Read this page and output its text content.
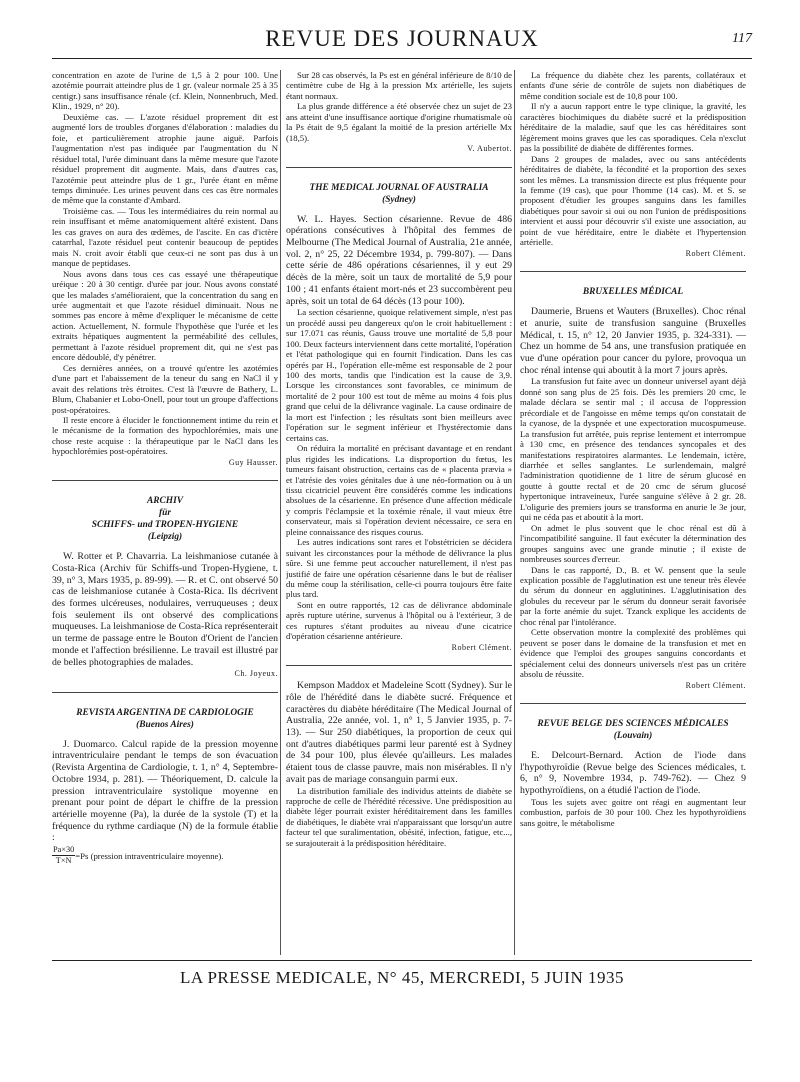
REVUE DES JOURNAUX	117

concentration en azote de l'urine de 1,5 à 2 pour 100. Une azotémie pourrait atteindre plus de 1 gr. (valeur normale 25 à 35 centigr.) sans insuffisance rénale (cf. Klein, Nonnenbruch, Med. Klin., 1929, n° 20).

Deuxième cas. — L'azote résiduel proprement dit est augmenté lors de troubles d'organes d'élaboration : maladies du foie, et particulièrement atrophie jaune aiguë. Parfois l'augmentation n'est pas indiquée par l'augmentation du N résiduel total, l'urée diminuant dans la même mesure que l'azote résiduel proprement dit augmente. Mais, dans d'autres cas, l'azotémie peut atteindre plus de 1 gr., l'urée étant en même temps diminuée. Les urines peuvent dans ces cas être normales de même que la constante d'Ambard.

Troisième cas. — Tous les intermédiaires du rein normal au rein insuffisant et même anatomiquement altéré existent. Dans les cas graves on aura des œdèmes, de l'ascite. En cas d'ictère catarrhal, l'azote résiduel peut contenir beaucoup de peptides mais N. croit avoir établi que ceux-ci ne sont pas dus à un manque de peptidases.

Nous avons dans tous ces cas essayé une thérapeutique uréique : 20 à 30 centigr. d'urée par jour. Nous avons constaté que les malades s'amélioraient, que la concentration du sang en urée augmentait et que l'azote résiduel diminuait. Nous ne sommes pas encore à même d'expliquer le mécanisme de cette action. Actuellement, N. formule l'hypothèse que l'urée et les extraits hépatiques augmentent la perméabilité des cellules, permettant à l'azote résiduel proprement dit, qui ne s'est pas encore dédoublé, d'y pénétrer.

Ces dernières années, on a trouvé qu'entre les azotémies d'une part et l'abaissement de la teneur du sang en NaCl il y avait des relations très étroites. C'est là l'œuvre de Bathery, L. Blum, Chabanier et Lobo-Onell, pour tout un groupe d'affections post-opératoires.

Il reste encore à élucider le fonctionnement intime du rein et le mécanisme de la formation des hypochlorémies, mais une chose reste acquise : la thérapeutique par le NaCl dans les hypochlorémies post-opératoires.

Guy Hausser.
ARCHIV
für
SCHIFFS- und TROPEN-HYGIENE
(Leipzig)

W. Rotter et P. Chavarria. La leishmaniose cutanée à Costa-Rica (Archiv für Schiffs-und Tropen-Hygiene, t. 39, n° 3, Mars 1935, p. 89-99). — R. et C. ont observé 50 cas de leishmaniose cutanée à Costa-Rica. Ils décrivent des formes ulcéreuses, nodulaires, verruqueuses ; deux fois seulement ils ont observé des complications muqueuses. La leishmaniose de Costa-Rica représenterait un terme de passage entre le Bouton d'Orient de l'ancien monde et l'affection brésilienne. Le travail est illustré par de belles photographies de malades.

Ch. Joyeux.
REVISTA ARGENTINA DE CARDIOLOGIE
(Buenos Aires)

J. Duomarco. Calcul rapide de la pression moyenne intraventriculaire pendant le temps de son évacuation (Revista Argentina de Cardiologie, t. 1, n° 4, Septembre-Octobre 1934, p. 281). — Théoriquement, D. calcule la pression intraventriculaire systolique moyenne en prenant pour point de départ le chiffre de la pression artérielle moyenne (Pa), la durée de la systole (T) et la fréquence du rythme cardiaque (N) de la formule établie :

$\frac{Pa\times 30}{T\times N} =Ps$ (pression intraventriculaire moyenne).

Sur 28 cas observés, la Ps est en général inférieure de 8/10 de centimètre cube de Hg à la pression Mx artérielle, les sujets étant normaux.

La plus grande différence a été observée chez un sujet de 23 ans atteint d'une insuffisance aortique d'origine rhumatismale où la Ps était de 9,5 égalant la moitié de la presion artérielle Mx (18,5).

V. Aubertot.
THE MEDICAL JOURNAL OF AUSTRALIA
(Sydney)

W. L. Hayes. Section césarienne. Revue de 486 opérations consécutives à l'hôpital des femmes de Melbourne (The Medical Journal of Australia, 21e année, vol. 2, n° 25, 22 Décembre 1934, p. 799-807). — Dans cette série de 486 opérations césariennes, il y eut 29 décès de la mère, soit un taux de mortalité de 5,9 pour 100 ; 41 enfants étaient mort-nés et 23 succombèrent peu après, soit un total de 64 décès (13 pour 100).

La section césarienne, quoique relativement simple, n'est pas un procédé aussi peu dangereux qu'on le croit habituellement : sur 17.071 cas réunis, Gauss trouve une mortalité de 5,8 pour 100. Deux facteurs interviennent dans cette mortalité, l'opération et l'état pathologique qui en fournit l'indication. Dans les cas opérés par H., l'opération elle-même est responsable de 2 pour 100 des morts, tandis que l'indication est la cause de 3,9. Lorsque les circonstances sont favorables, ce minimum de mortalité de 2 pour 100 est tout de même au moins 4 fois plus grand que celui de la délivrance vaginale. La cause ordinaire de la mort est l'infection ; les résultats sont bien meilleurs avec l'opération sur le segment inférieur et l'hystérectomie dans certains cas.

On réduira la mortalité en précisant davantage et en rendant plus rigides les indications. La disproportion du fœtus, les tumeurs faisant obstruction, certains cas de « placenta prævia » et l'atrésie des voies génitales due à une néo-formation ou à un tissu cicatriciel peuvent être considérés comme les indications absolues de la césarienne. En présence d'une affection médicale y compris l'éclampsie et la toxémie rénale, il vaut mieux être conservateur, mais si l'opération devient nécessaire, ce sera en pleine connaissance des risques courus.

Les autres indications sont rares et l'obstétricien se décidera suivant les circonstances pour la méthode de délivrance la plus sûre. Si une femme peut accoucher naturellement, il n'est pas justifié de faire une opération césarienne dans le but de réaliser du même coup la stérilisation, celle-ci pourra toujours être faite plus tard.

Sont en outre rapportés, 12 cas de délivrance abdominale après rupture utérine, survenus à l'hôpital ou à l'extérieur, 3 de ces ruptures s'étant produites au niveau d'une cicatrice d'opération césarienne antérieure.

Robert Clément.

Kempson Maddox et Madeleine Scott (Sydney). Sur le rôle de l'hérédité dans le diabète sucré. Fréquence et caractères du diabète héréditaire (The Medical Journal of Australia, 22e année, vol. 1, n° 1, 5 Janvier 1935, p. 7-13). — Sur 250 diabétiques, la proportion de ceux qui ont d'autres diabétiques parmi leur parenté est à Sydney de 34 pour 100, plus élevée qu'ailleurs. Les malades étaient tous de classe pauvre, mais non misérables. Il n'y avait pas de mariage consanguin parmi eux.

La distribution familiale des individus atteints de diabète se rapproche de celle de l'hérédité récessive. Une prédisposition au diabète léger pourrait exister héréditairement dans les familles de diabétiques, le diabète vrai n'apparaissant que lorsqu'un autre facteur tel que suralimentation, obésité, infection, fatigue, etc..., se surajouterait à la prédisposition héréditaire.

La fréquence du diabète chez les parents, collatéraux et enfants d'une série de contrôle de sujets non diabétiques de même condition sociale est de 10,8 pour 100.

Il n'y a aucun rapport entre le type clinique, la gravité, les caractères biochimiques du diabète sucré et la prédisposition héréditaire de la maladie, sauf que les cas héréditaires sont légèrement moins graves que les cas sporadiques. Cela n'exclut pas la possibilité de diabète de différentes formes.

Dans 2 groupes de malades, avec ou sans antécédents héréditaires de diabète, la fécondité et la proportion des sexes sont les mêmes. La transmission directe est plus fréquente pour la femme (19 cas), que pour l'homme (14 cas). M. et S. se proposent d'étudier les groupes sanguins dans les familles diabétiques pour savoir si oui ou non l'union de prédispositions intervient et aussi pour découvrir s'il existe une association, au point de vue héréditaire, entre le diabète et l'hypertension artérielle.

Robert Clément.
BRUXELLES MÉDICAL

Daumerie, Bruens et Wauters (Bruxelles). Choc rénal et anurie, suite de transfusion sanguine (Bruxelles Médical, t. 15, n° 12, 20 Janvier 1935, p. 324-331). — Chez un homme de 54 ans, une transfusion pratiquée en vue d'une opération pour cancer du pylore, provoqua un choc rénal intense qui aboutit à la mort 7 jours après.

La transfusion fut faite avec un donneur universel ayant déjà donné son sang plus de 25 fois. Dès les premiers 20 cmc, le malade déclara se sentir mal ; il accusa de l'oppression précordiale et de l'angoisse en même temps qu'on constatait de la cyanose, de la dyspnée et une expectoration mucospumeuse. La transfusion fut arrêtée, puis reprise lentement et interrompue à 130 cmc, en présence des tendances syncopales et des manifestations respiratoires alarmantes. Le lendemain, ictère, diarrhée et selles sanglantes. Le surlendemain, malgré l'administration quotidienne de 1 litre de sérum glucosé en goutte à goutte rectal et de 20 cmc de sérum glucosé hypertonique intraveineux, l'urée sanguine s'élève à 2 gr. 28. L'oligurie des premiers jours se transforma en anurie le 3e jour, qui ne céda pas et aboutit à la mort.

On admet le plus souvent que le choc rénal est dû à l'incompatibilité sanguine. Il faut exécuter la détermination des groupes sanguins avec une grande minutie ; il existe de nombreuses sources d'erreur.

Dans le cas rapporté, D., B. et W. pensent que la seule explication possible de l'agglutination est une teneur très élevée du sérum du donneur en agglutinines. L'agglutinisation des globules du receveur par le sérum du donneur serait favorisée par la forte anémie du sujet. Tzanck explique les accidents de choc rénal par l'intolérance.

Cette observation montre la complexité des problèmes qui peuvent se poser dans le domaine de la transfusion et met en évidence que l'emploi des groupes sanguins concordants et spécialement celui des donneurs universels n'est pas un critère absolu de réussite.

Robert Clément.
REVUE BELGE DES SCIENCES MÉDICALES
(Louvain)

E. Delcourt-Bernard. Action de l'iode dans l'hypothyroïdie (Revue belge des Sciences médicales, t. 6, n° 9, Novembre 1934, p. 749-762). — Chez 9 hypothyroïdiens, on a étudié l'action de l'iode.

Tous les sujets avec goitre ont réagi en augmentant leur combustion, parfois de 30 pour 100. Chez les hypothyroïdiens sans goitre, le métabolisme

LA PRESSE MEDICALE, N° 45, MERCREDI, 5 JUIN 1935
